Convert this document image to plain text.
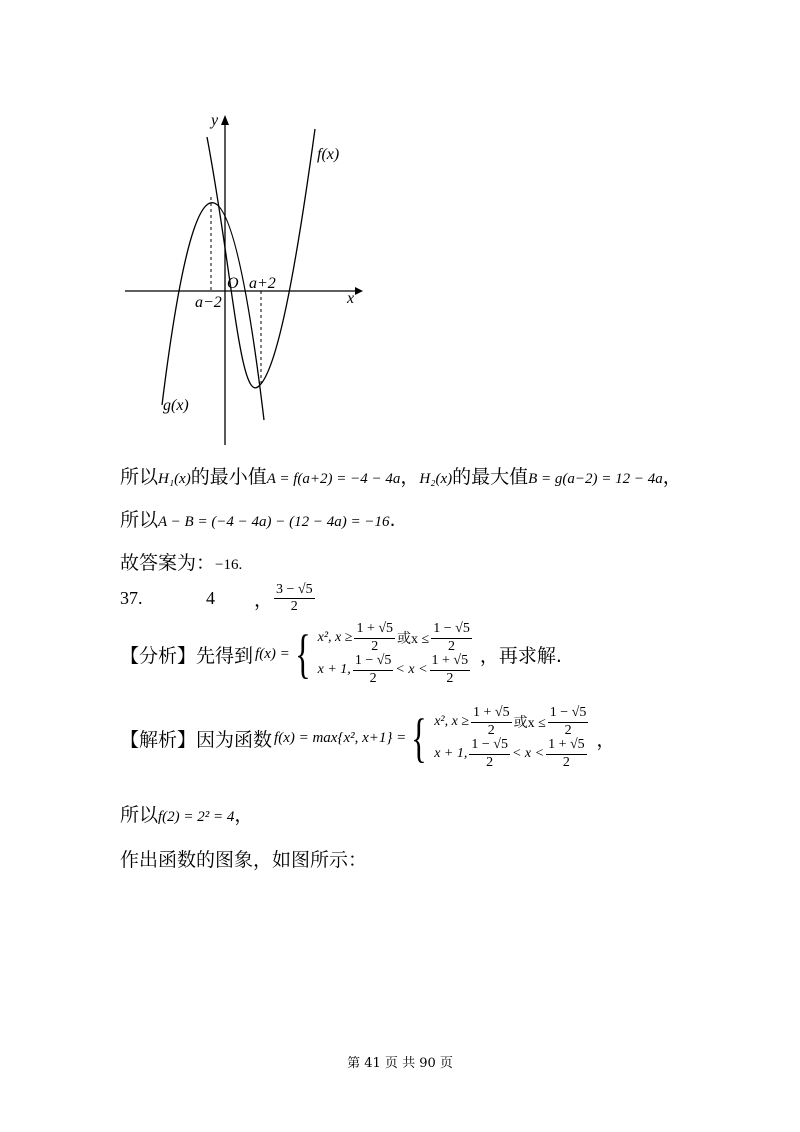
y
x
O a+2
a−2
f(x)
g(x)
所以H₁(x)的最小值A = f(a+2) = −4 − 4a，H₂(x)的最大值B = g(a−2) = 12 − 4a，
所以A − B = (−4 − 4a) − (12 − 4a) = −16.
故答案为：−16.
37.	4	， $\frac{3 - √5}{2}$
【分析】 先得到 f(x) = { x², $x \ge \frac{1 + √5}{2}$ 或$x \le \frac{1 - √5}{2}$
x + 1, $\frac{1 - √5}{2} < x < \frac{1 + √5}{2}$ ，再求解.
【解析】 因为函数 f(x) = max{x², x+1} = { x², $x \ge \frac{1 + √5}{2}$ 或$x \le \frac{1 - √5}{2}$
x + 1, $\frac{1 - √5}{2} < x < \frac{1 + √5}{2}$ ，
所以f(2) = 2² = 4，
作出函数的图象，如图所示：
第 41 页 共 90 页
